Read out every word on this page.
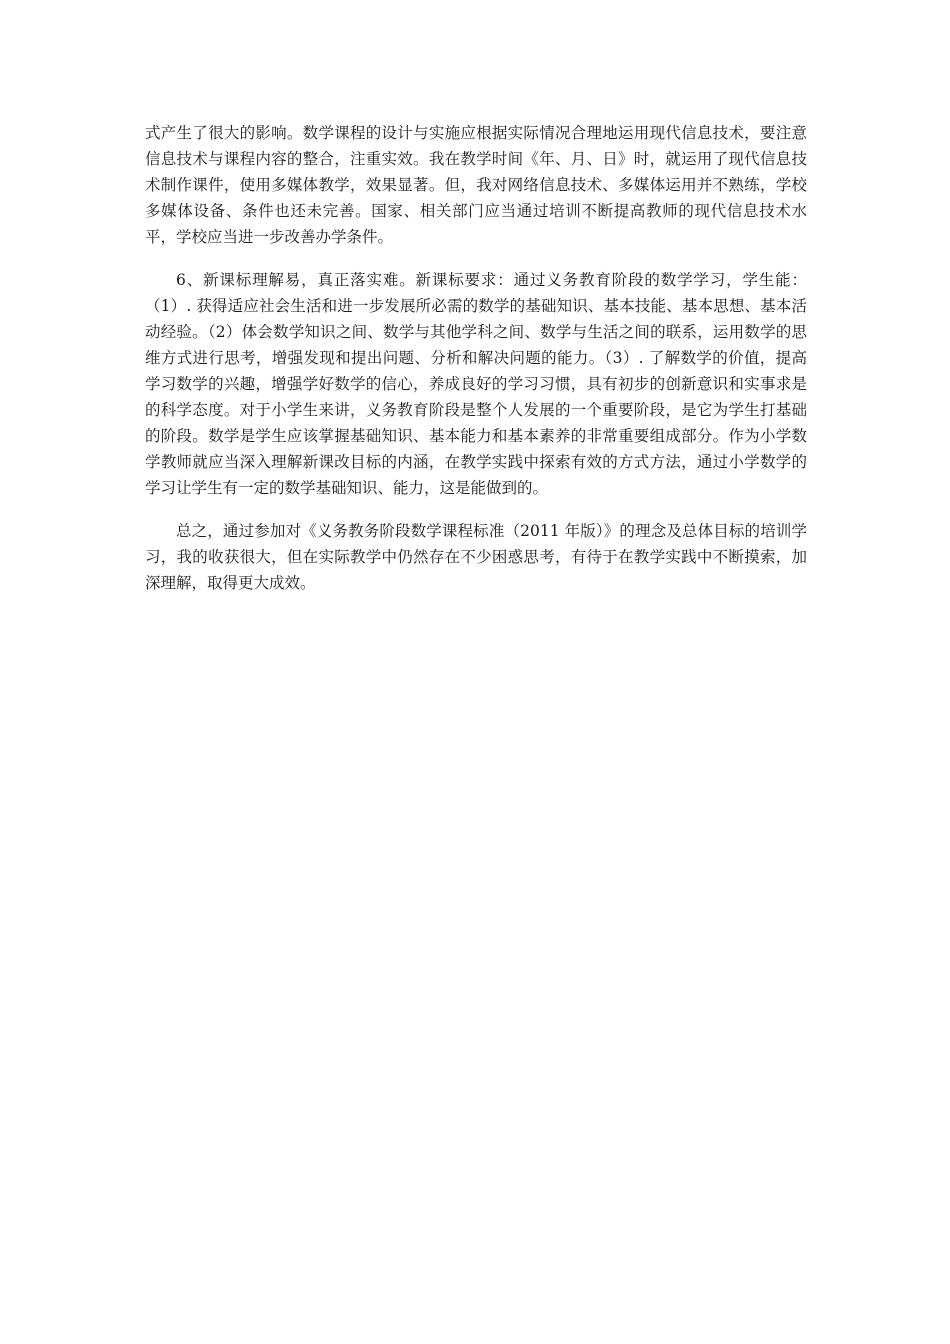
式产生了很大的影响。数学课程的设计与实施应根据实际情况合理地运用现代信息技术，要注意信息技术与课程内容的整合，注重实效。我在教学时间《年、月、日》时，就运用了现代信息技术制作课件，使用多媒体教学，效果显著。但，我对网络信息技术、多媒体运用并不熟练，学校多媒体设备、条件也还未完善。国家、相关部门应当通过培训不断提高教师的现代信息技术水平，学校应当进一步改善办学条件。

6、新课标理解易，真正落实难。新课标要求：通过义务教育阶段的数学学习，学生能：（1）. 获得适应社会生活和进一步发展所必需的数学的基础知识、基本技能、基本思想、基本活动经验。（2）体会数学知识之间、数学与其他学科之间、数学与生活之间的联系，运用数学的思维方式进行思考，增强发现和提出问题、分析和解决问题的能力。（3）. 了解数学的价值，提高学习数学的兴趣，增强学好数学的信心，养成良好的学习习惯，具有初步的创新意识和实事求是的科学态度。对于小学生来讲，义务教育阶段是整个人发展的一个重要阶段，是它为学生打基础的阶段。数学是学生应该掌握基础知识、基本能力和基本素养的非常重要组成部分。作为小学数学教师就应当深入理解新课改目标的内涵，在教学实践中探索有效的方式方法，通过小学数学的学习让学生有一定的数学基础知识、能力，这是能做到的。

总之，通过参加对《义务教务阶段数学课程标准（2011 年版）》的理念及总体目标的培训学习，我的收获很大，但在实际教学中仍然存在不少困惑思考，有待于在教学实践中不断摸索，加深理解，取得更大成效。
